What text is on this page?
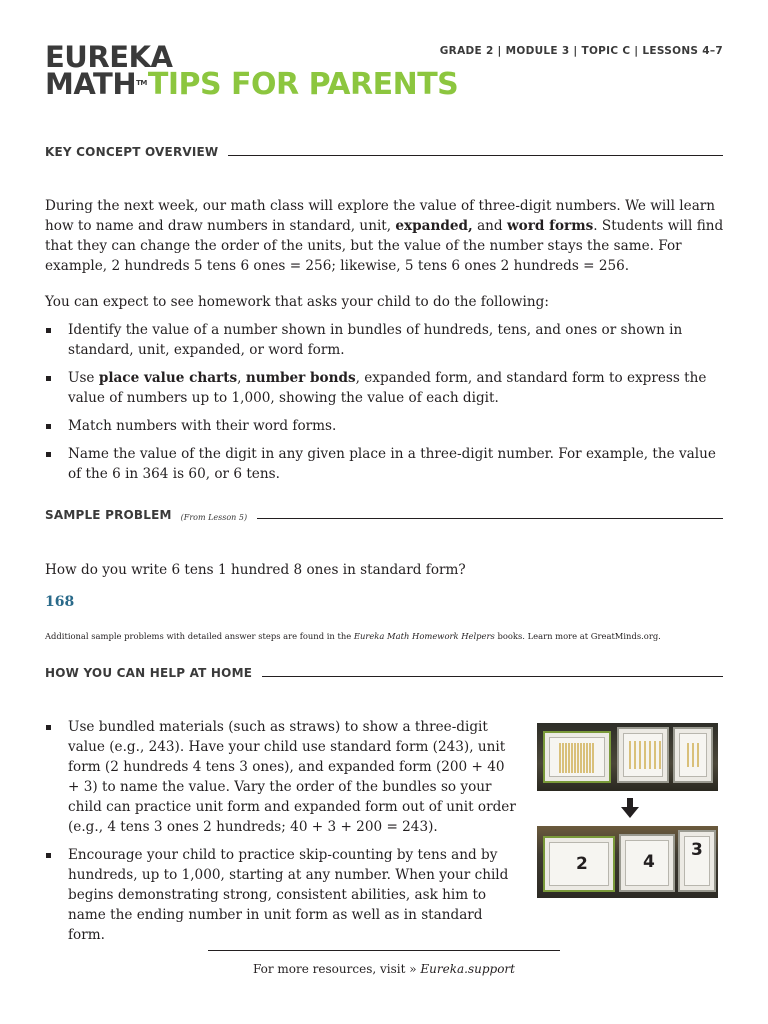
EUREKA
MATH™TIPS FOR PARENTS
GRADE 2 | MODULE 3 | TOPIC C | LESSONS 4–7
KEY CONCEPT OVERVIEW

During the next week, our math class will explore the value of three-digit numbers. We will learn how to name and draw numbers in standard, unit, expanded, and word forms. Students will find that they can change the order of the units, but the value of the number stays the same. For example, 2 hundreds 5 tens 6 ones = 256; likewise, 5 tens 6 ones 2 hundreds = 256.

You can expect to see homework that asks your child to do the following:

Identify the value of a number shown in bundles of hundreds, tens, and ones or shown in standard, unit, expanded, or word form.
Use place value charts, number bonds, expanded form, and standard form to express the value of numbers up to 1,000, showing the value of each digit.
Match numbers with their word forms.
Name the value of the digit in any given place in a three-digit number. For example, the value of the 6 in 364 is 60, or 6 tens.
SAMPLE PROBLEM (From Lesson 5)

How do you write 6 tens 1 hundred 8 ones in standard form?

168

Additional sample problems with detailed answer steps are found in the Eureka Math Homework Helpers books. Learn more at GreatMinds.org.

HOW YOU CAN HELP AT HOME
Use bundled materials (such as straws) to show a three-digit value (e.g., 243). Have your child use standard form (243), unit form (2 hundreds 4 tens 3 ones), and expanded form (200 + 40 + 3) to name the value. Vary the order of the bundles so your child can practice unit form and expanded form out of unit order (e.g., 4 tens 3 ones 2 hundreds; 40 + 3 + 200 = 243).
Encourage your child to practice skip-counting by tens and by hundreds, up to 1,000, starting at any number. When your child begins demonstrating strong, consistent abilities, ask him to name the ending number in unit form as well as in standard form.
2	4
3
For more resources, visit » Eureka.support
